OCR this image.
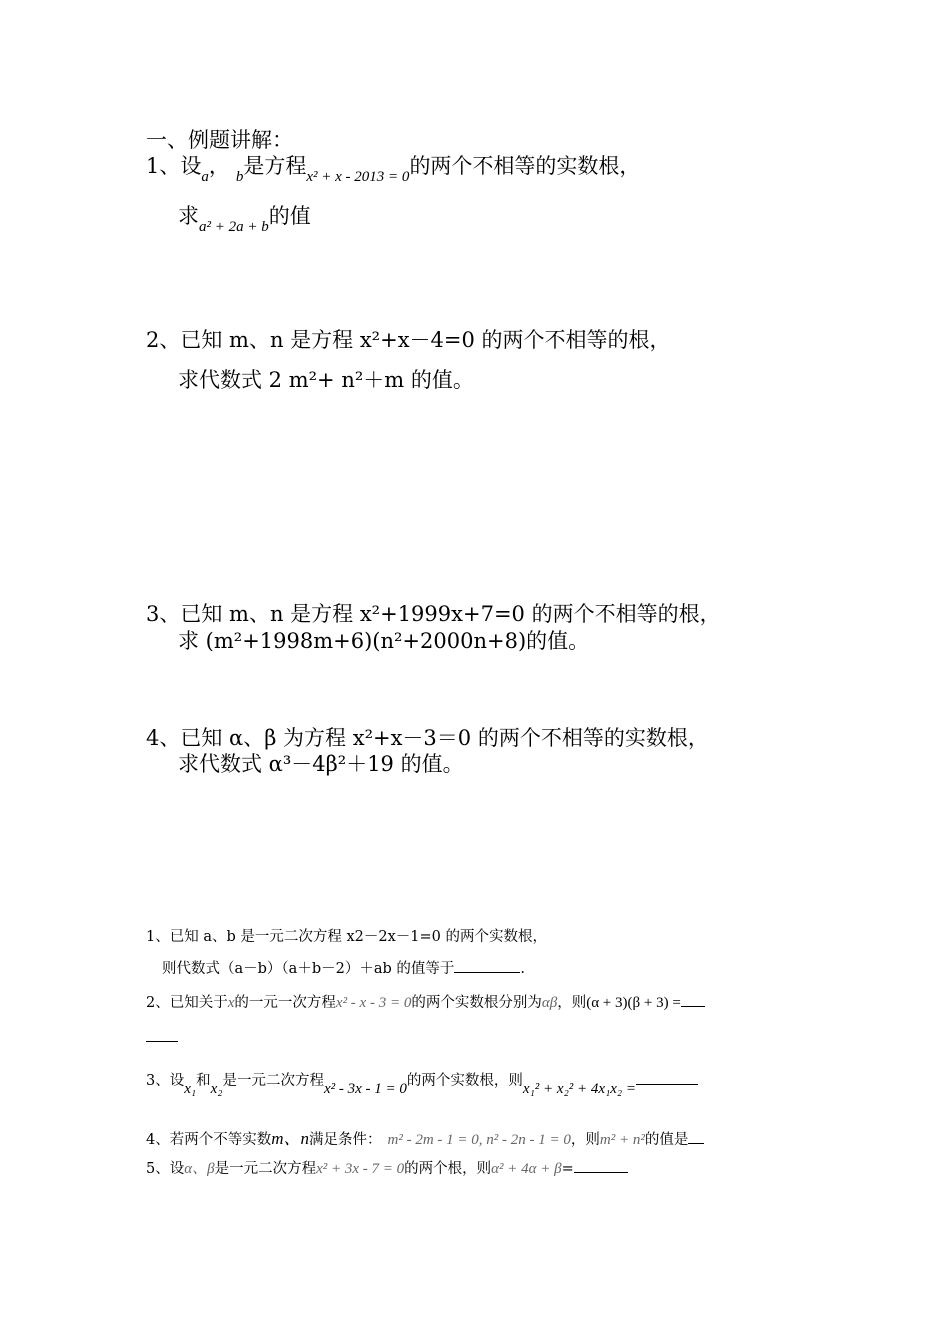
一、例题讲解：
1、设$_a$， $_b$是方程$_{x^2 + x - 2013 = 0}$的两个不相等的实数根，
求$_{a^2 + 2a + b}$的值
2、已知 m、n 是方程 x²+x－4=0 的两个不相等的根，
求代数式 2 m²+ n²＋m 的值。
3、已知 m、n 是方程 x²+1999x+7=0 的两个不相等的根，
求 (m²+1998m+6)(n²+2000n+8)的值。
4、已知 α、β 为方程 x²+x－3＝0 的两个不相等的实数根，
求代数式 α³－4β²＋19 的值。
1、已知 a、b 是一元二次方程 x2－2x－1=0 的两个实数根，
则代数式（a－b）（a＋b－2）＋ab 的值等于	.
2、已知关于x的一元一次方程x² - x - 3 = 0的两个实数根分别为αβ，则(α + 3)(β + 3) =
3、设x₁和x₂是一元二次方程x² - 3x - 1 = 0的两个实数根，则x₁² + x₂² + 4x₁x₂ =
4、若两个不等实数m、n满足条件： m² - 2m - 1 = 0, n² - 2n - 1 = 0，则m² + n²的值是
5、设α、β是一元二次方程x² + 3x - 7 = 0的两个根，则α² + 4α + β=
